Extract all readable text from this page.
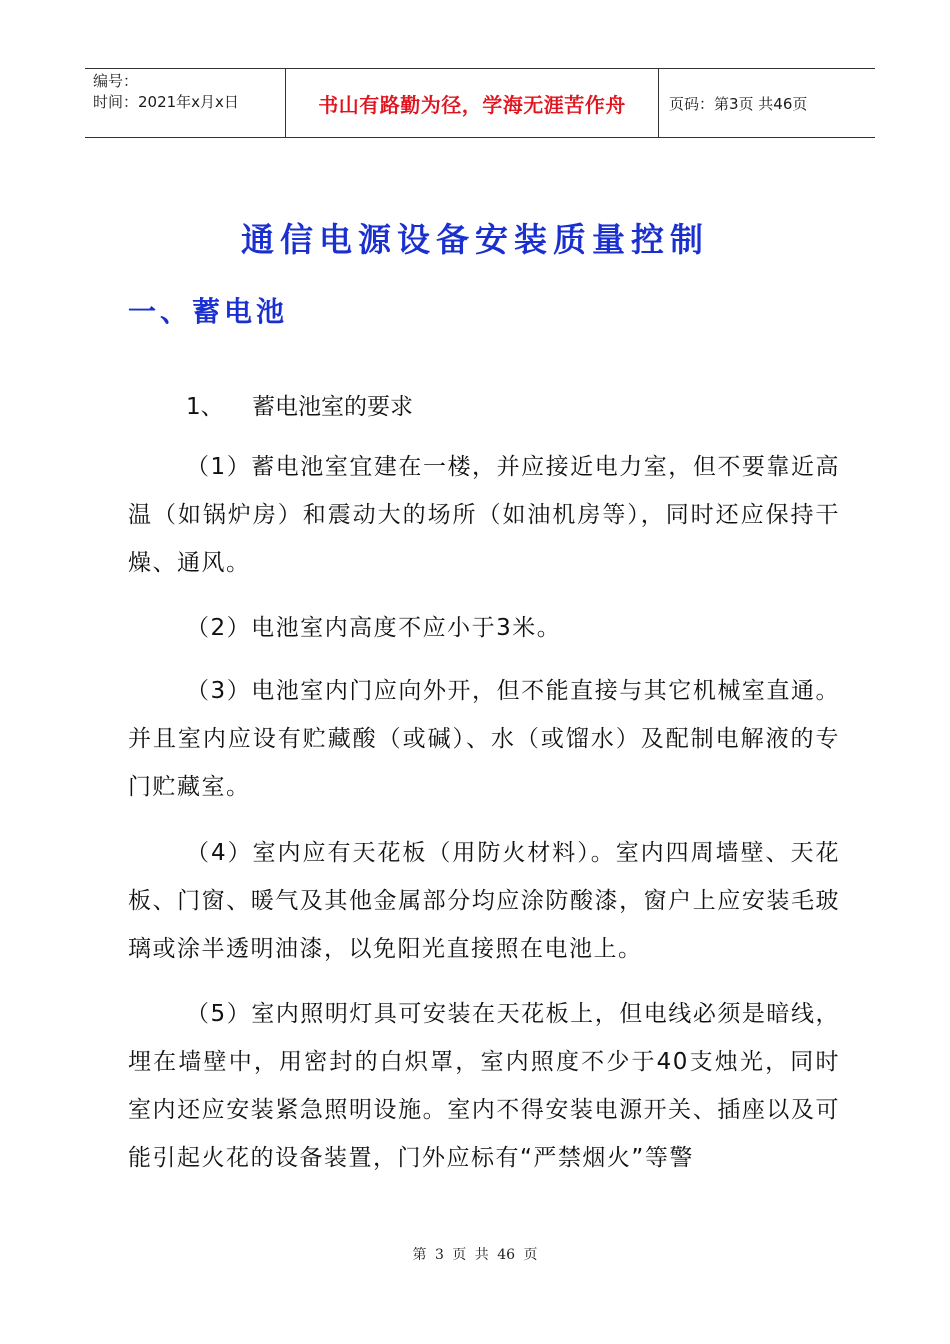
编号：
时间：2021年x月x日	书山有路勤为径，学海无涯苦作舟	页码：第3页 共46页
通信电源设备安装质量控制
一、蓄电池
1、 蓄电池室的要求

（1）蓄电池室宜建在一楼，并应接近电力室，但不要靠近高温（如锅炉房）和震动大的场所（如油机房等），同时还应保持干燥、通风。

（2）电池室内高度不应小于3米。

（3）电池室内门应向外开，但不能直接与其它机械室直通。并且室内应设有贮藏酸（或碱）、水（或馏水）及配制电解液的专门贮藏室。

（4）室内应有天花板（用防火材料）。室内四周墙壁、天花板、门窗、暖气及其他金属部分均应涂防酸漆，窗户上应安装毛玻璃或涂半透明油漆，以免阳光直接照在电池上。

（5）室内照明灯具可安装在天花板上，但电线必须是暗线，埋在墙壁中，用密封的白炽罩，室内照度不少于40支烛光，同时室内还应安装紧急照明设施。室内不得安装电源开关、插座以及可能引起火花的设备装置，门外应标有“严禁烟火”等警

第 3 页 共 46 页
